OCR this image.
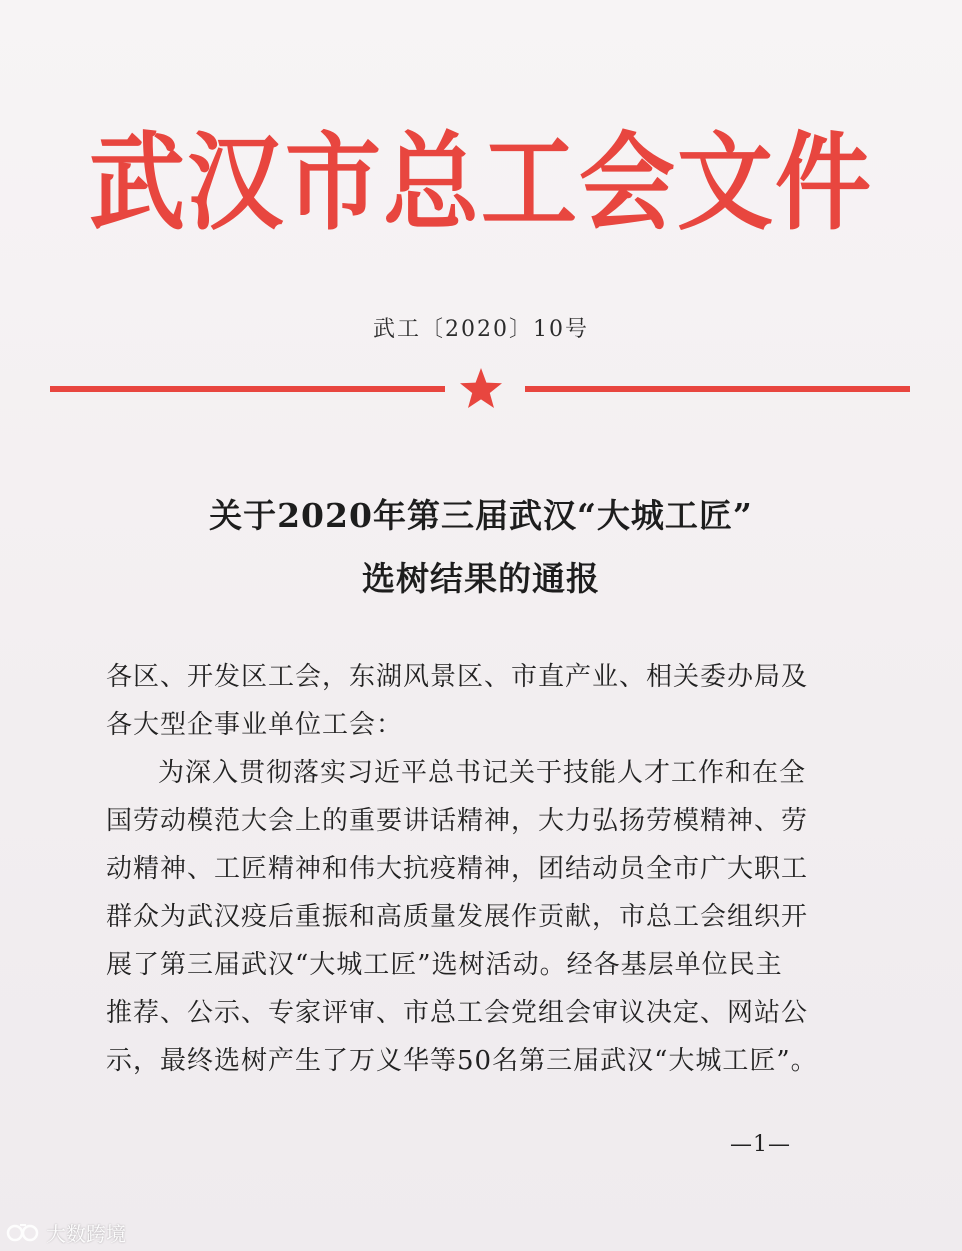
武汉市总工会文件
武工〔2020〕10号
关于2020年第三届武汉“大城工匠”
选树结果的通报
各区、开发区工会，东湖风景区、市直产业、相关委办局及
各大型企事业单位工会：
为深入贯彻落实习近平总书记关于技能人才工作和在全
国劳动模范大会上的重要讲话精神，大力弘扬劳模精神、劳
动精神、工匠精神和伟大抗疫精神，团结动员全市广大职工
群众为武汉疫后重振和高质量发展作贡献，市总工会组织开
展了第三届武汉“大城工匠”选树活动。经各基层单位民主
推荐、公示、专家评审、市总工会党组会审议决定、网站公
示，最终选树产生了万义华等50名第三届武汉“大城工匠”。
—1—
大数跨境
